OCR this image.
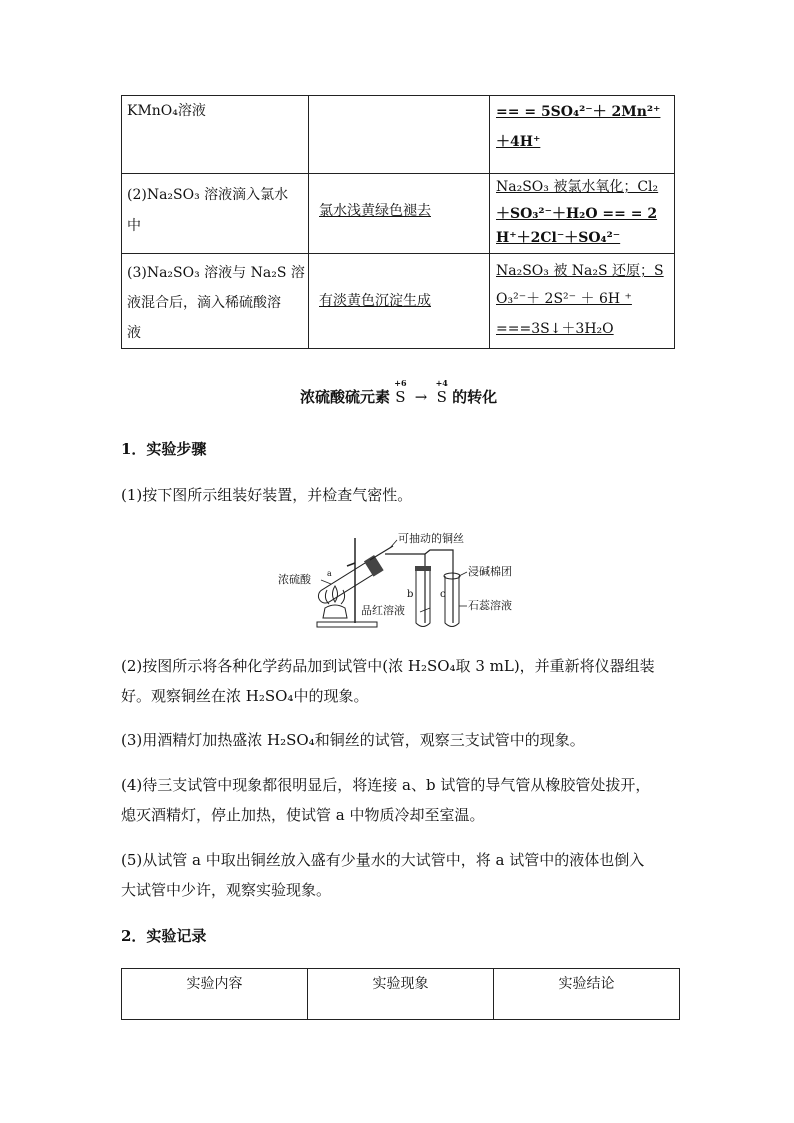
KMnO₄溶液		== = 5SO₄²⁻＋ 2Mn²⁺
＋4H⁺

(2)Na₂SO₃ 溶液滴入氯水
中	氯水浅黄绿色褪去	Na₂SO₃ 被氯水氧化；Cl₂
＋SO₃²⁻＋H₂O == = 2
H⁺＋2Cl⁻＋SO₄²⁻

(3)Na₂SO₃ 溶液与 Na₂S 溶
液混合后，滴入稀硫酸溶
液	有淡黄色沉淀生成	Na₂SO₃ 被 Na₂S 还原；S
O₃²⁻＋ 2S²⁻ ＋ 6H ⁺
===3S↓＋3H₂O
浓硫酸硫元素
+6
S →
+4
S 的转化
1．实验步骤
(1)按下图所示组装好装置，并检查气密性。
可抽动的铜丝
浓硫酸 a
b	c
浸碱棉团
品红溶液	石蕊溶液
(2)按图所示将各种化学药品加到试管中(浓 H₂SO₄取 3 mL)，并重新将仪器组装
好。观察铜丝在浓 H₂SO₄中的现象。
(3)用酒精灯加热盛浓 H₂SO₄和铜丝的试管，观察三支试管中的现象。
(4)待三支试管中现象都很明显后，将连接 a、b 试管的导气管从橡胶管处拔开，
熄灭酒精灯，停止加热，使试管 a 中物质冷却至室温。
(5)从试管 a 中取出铜丝放入盛有少量水的大试管中，将 a 试管中的液体也倒入
大试管中少许，观察实验现象。
2．实验记录
实验内容	实验现象	实验结论
